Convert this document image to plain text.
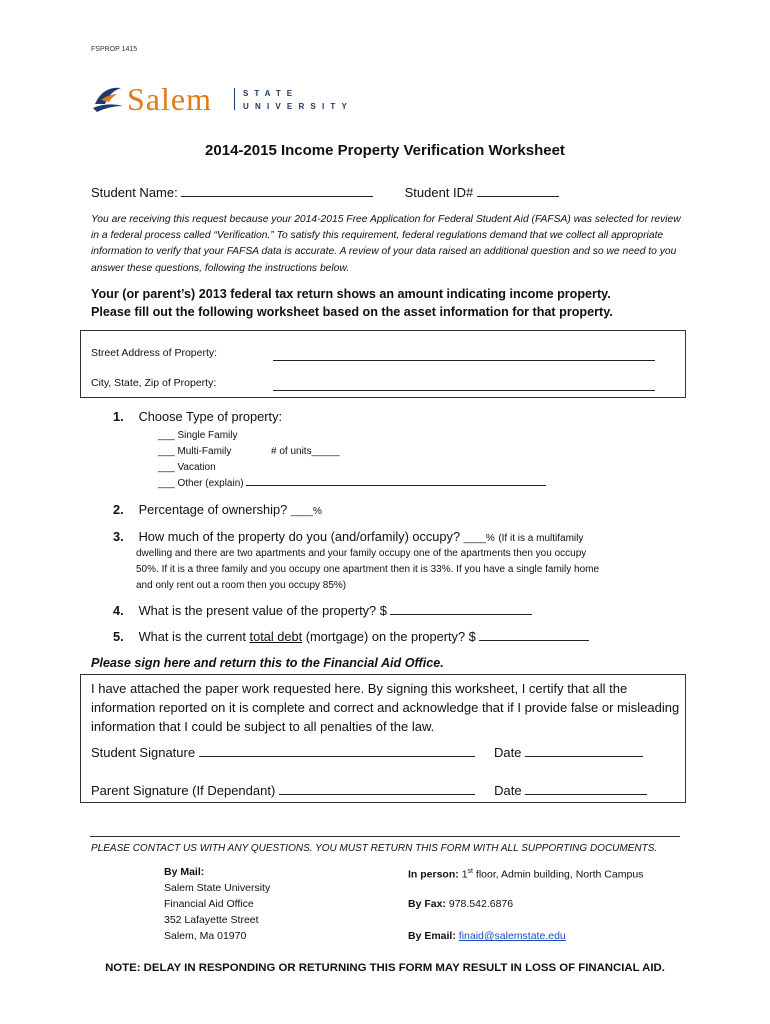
FSPROP 1415
Salem	STATE
UNIVERSITY
2014-2015 Income Property Verification Worksheet
Student Name:	Student ID#
You are receiving this request because your 2014-2015 Free Application for Federal Student Aid (FAFSA) was selected for review in a federal process called “Verification.” To satisfy this requirement, federal regulations demand that we collect all appropriate information to verify that your FAFSA data is accurate. A review of your data raised an additional question and so we need to you answer these questions, following the instructions below.
Your (or parent’s) 2013 federal tax return shows an amount indicating income property.
Please fill out the following worksheet based on the asset information for that property.
Street Address of Property:
City, State, Zip of Property:
1. Choose Type of property:
___ Single Family
___ Multi-Family	# of units_____
___ Vacation
___ Other (explain)
2. Percentage of ownership? ____%
3. How much of the property do you (and/orfamily) occupy? ____% (If it is a multifamily
dwelling and there are two apartments and your family occupy one of the apartments then you occupy
50%. If it is a three family and you occupy one apartment then it is 33%. If you have a single family home
and only rent out a room then you occupy 85%)
4. What is the present value of the property? $
5. What is the current total debt (mortgage) on the property? $
Please sign here and return this to the Financial Aid Office.
I have attached the paper work requested here. By signing this worksheet, I certify that all the information reported on it is complete and correct and acknowledge that if I provide false or misleading information that I could be subject to all penalties of the law.
Student Signature	Date
Parent Signature (If Dependant)	Date
PLEASE CONTACT US WITH ANY QUESTIONS. YOU MUST RETURN THIS FORM WITH ALL SUPPORTING DOCUMENTS.
By Mail:
Salem State University
Financial Aid Office
352 Lafayette Street
Salem, Ma 01970
In person: 1st floor, Admin building, North Campus
By Fax: 978.542.6876
By Email: finaid@salemstate.edu
NOTE: DELAY IN RESPONDING OR RETURNING THIS FORM MAY RESULT IN LOSS OF FINANCIAL AID.
